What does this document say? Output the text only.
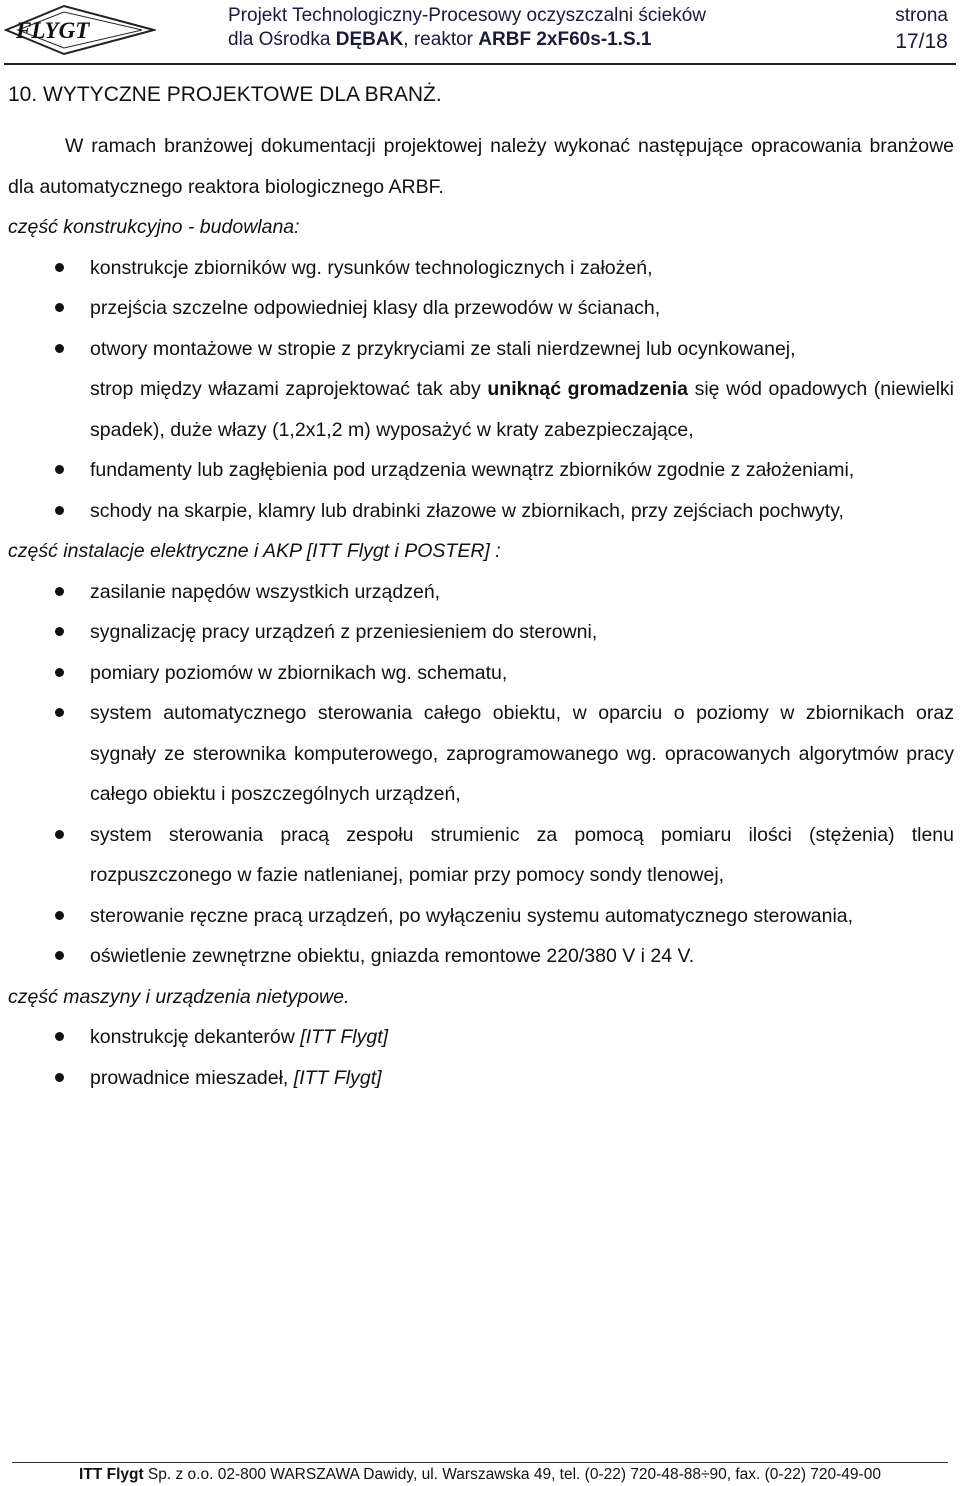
FLYGT
Projekt Technologiczny-Procesowy oczyszczalni ścieków
dla Ośrodka DĘBAK, reaktor ARBF 2xF60s-1.S.1
strona
17/18
10. WYTYCZNE PROJEKTOWE DLA BRANŻ.

W ramach branżowej dokumentacji projektowej należy wykonać następujące opracowania branżowe dla automatycznego reaktora biologicznego ARBF.

część konstrukcyjno - budowlana:

konstrukcje zbiorników wg. rysunków technologicznych i założeń,
przejścia szczelne odpowiedniej klasy dla przewodów w ścianach,
otwory montażowe w stropie z przykryciami ze stali nierdzewnej lub ocynkowanej,
strop między włazami zaprojektować tak aby uniknąć gromadzenia się wód opadowych (niewielki spadek), duże włazy (1,2x1,2 m) wyposażyć w kraty zabezpieczające,
fundamenty lub zagłębienia pod urządzenia wewnątrz zbiorników zgodnie z założeniami,
schody na skarpie, klamry lub drabinki złazowe w zbiornikach, przy zejściach pochwyty,

część instalacje elektryczne i AKP [ITT Flygt i POSTER] :

zasilanie napędów wszystkich urządzeń,
sygnalizację pracy urządzeń z przeniesieniem do sterowni,
pomiary poziomów w zbiornikach wg. schematu,
system automatycznego sterowania całego obiektu, w oparciu o poziomy w zbiornikach oraz sygnały ze sterownika komputerowego, zaprogramowanego wg. opracowanych algorytmów pracy całego obiektu i poszczególnych urządzeń,
system sterowania pracą zespołu strumienic za pomocą pomiaru ilości (stężenia) tlenu rozpuszczonego w fazie natlenianej, pomiar przy pomocy sondy tlenowej,
sterowanie ręczne pracą urządzeń, po wyłączeniu systemu automatycznego sterowania,
oświetlenie zewnętrzne obiektu, gniazda remontowe 220/380 V i 24 V.

część maszyny i urządzenia nietypowe.

konstrukcję dekanterów [ITT Flygt]
prowadnice mieszadeł, [ITT Flygt]
ITT Flygt Sp. z o.o. 02-800 WARSZAWA Dawidy, ul. Warszawska 49, tel. (0-22) 720-48-88÷90, fax. (0-22) 720-49-00
